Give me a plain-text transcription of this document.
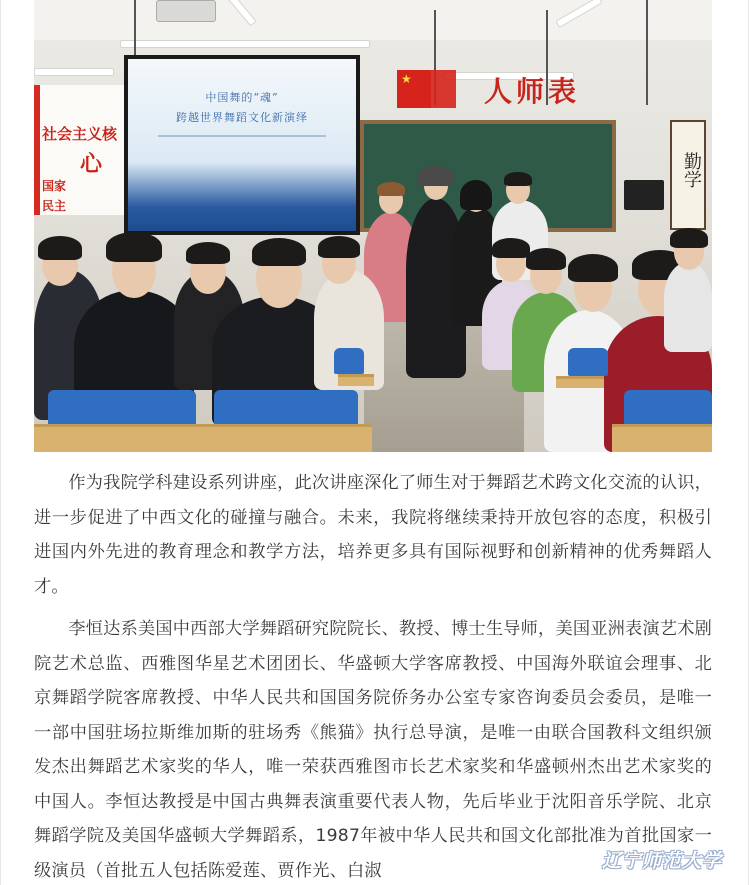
社会主义核
心
国家
民主
中国舞的“魂”
跨越世界舞蹈文化新演绎
★	人师表
勤学

作为我院学科建设系列讲座，此次讲座深化了师生对于舞蹈艺术跨文化交流的认识，进一步促进了中西文化的碰撞与融合。未来，我院将继续秉持开放包容的态度，积极引进国内外先进的教育理念和教学方法，培养更多具有国际视野和创新精神的优秀舞蹈人才。

李恒达系美国中西部大学舞蹈研究院院长、教授、博士生导师，美国亚洲表演艺术剧院艺术总监、西雅图华星艺术团团长、华盛顿大学客席教授、中国海外联谊会理事、北京舞蹈学院客席教授、中华人民共和国国务院侨务办公室专家咨询委员会委员，是唯一一部中国驻场拉斯维加斯的驻场秀《熊猫》执行总导演，是唯一由联合国教科文组织颁发杰出舞蹈艺术家奖的华人，唯一荣获西雅图市长艺术家奖和华盛顿州杰出艺术家奖的中国人。李恒达教授是中国古典舞表演重要代表人物，先后毕业于沈阳音乐学院、北京舞蹈学院及美国华盛顿大学舞蹈系，1987年被中华人民共和国文化部批准为首批国家一级演员（首批五人包括陈爱莲、贾作光、白淑	辽宁师范大学
